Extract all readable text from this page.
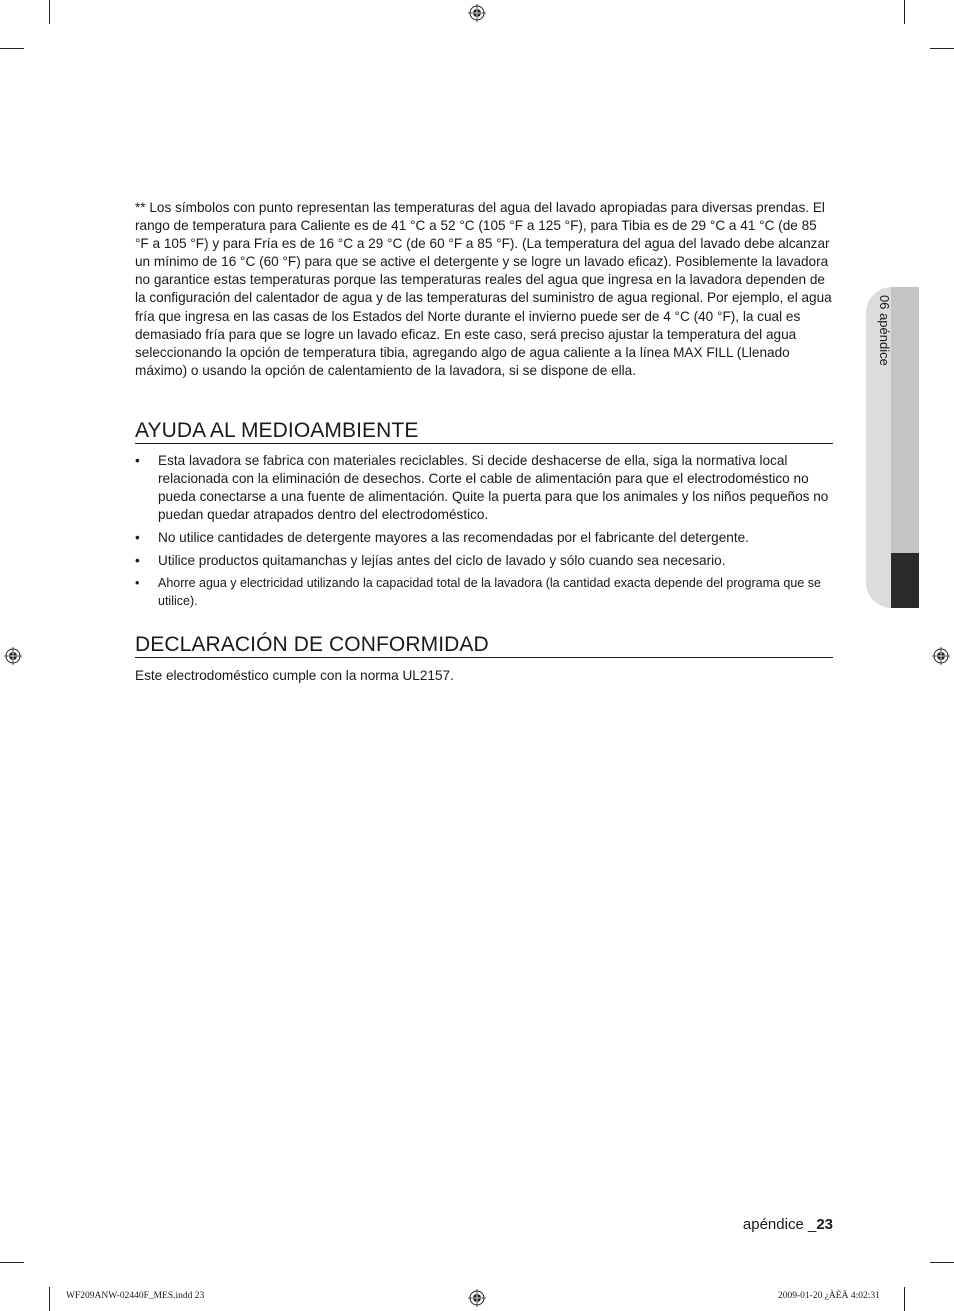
06 apéndice

** Los símbolos con punto representan las temperaturas del agua del lavado apropiadas para diversas prendas. El rango de temperatura para Caliente es de 41 °C a 52 °C (105 °F a 125 °F), para Tibia es de 29 °C a 41 °C (de 85 °F a 105 °F) y para Fría es de 16 °C a 29 °C (de 60 °F a 85 °F). (La temperatura del agua del lavado debe alcanzar un mínimo de 16 °C (60 °F) para que se active el detergente y se logre un lavado eficaz). Posiblemente la lavadora no garantice estas temperaturas porque las temperaturas reales del agua que ingresa en la lavadora dependen de la configuración del calentador de agua y de las temperaturas del suministro de agua regional. Por ejemplo, el agua fría que ingresa en las casas de los Estados del Norte durante el invierno puede ser de 4 °C (40 °F), la cual es demasiado fría para que se logre un lavado eficaz. En este caso, será preciso ajustar la temperatura del agua seleccionando la opción de temperatura tibia, agregando algo de agua caliente a la línea MAX FILL (Llenado máximo) o usando la opción de calentamiento de la lavadora, si se dispone de ella.

AYUDA AL MEDIOAMBIENTE
• Esta lavadora se fabrica con materiales reciclables. Si decide deshacerse de ella, siga la normativa local relacionada con la eliminación de desechos. Corte el cable de alimentación para que el electrodoméstico no pueda conectarse a una fuente de alimentación. Quite la puerta para que los animales y los niños pequeños no puedan quedar atrapados dentro del electrodoméstico.
• No utilice cantidades de detergente mayores a las recomendadas por el fabricante del detergente.
• Utilice productos quitamanchas y lejías antes del ciclo de lavado y sólo cuando sea necesario.
• Ahorre agua y electricidad utilizando la capacidad total de la lavadora (la cantidad exacta depende del programa que se utilice).
DECLARACIÓN DE CONFORMIDAD

Este electrodoméstico cumple con la norma UL2157.

apéndice _23
WF209ANW-02440F_MES.indd 23	2009-01-20 ¿ÀÈÄ 4:02:31
